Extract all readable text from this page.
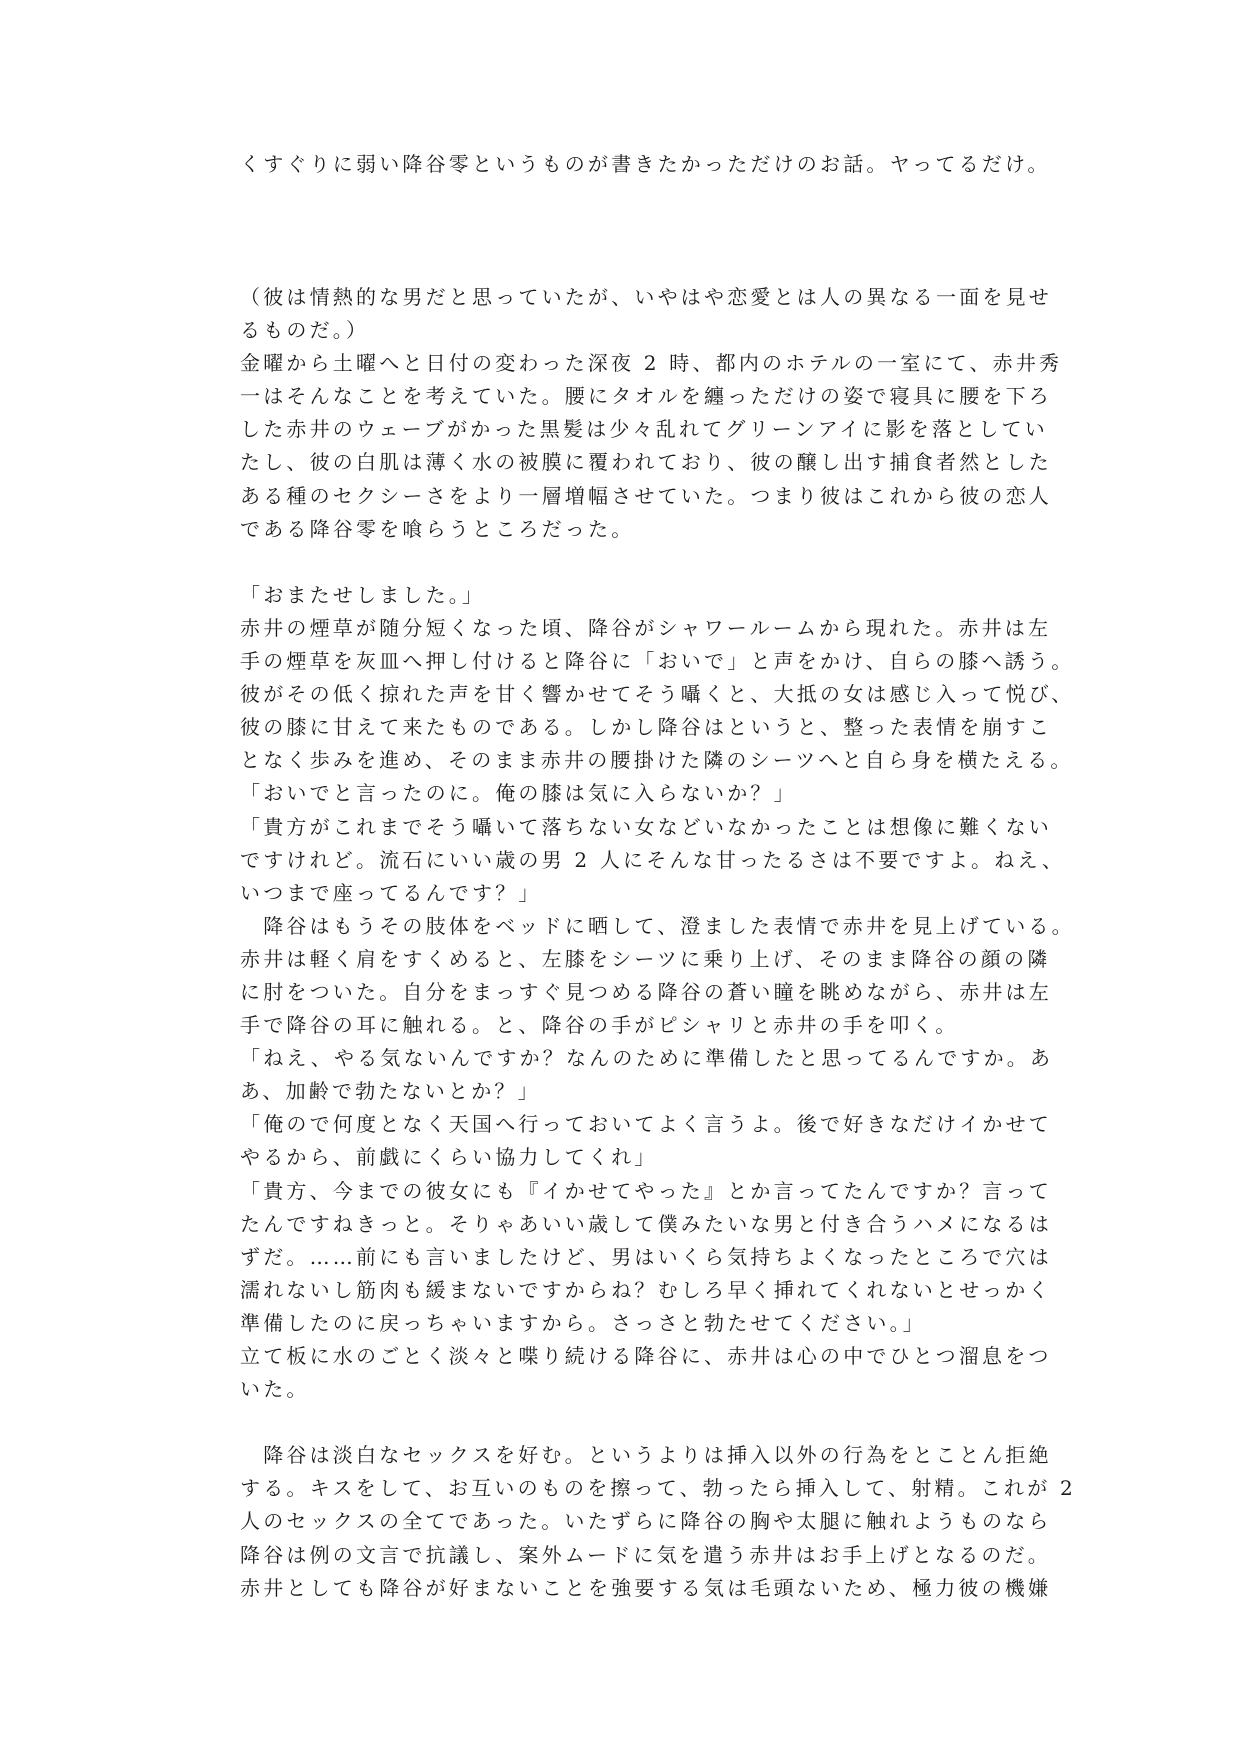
くすぐりに弱い降谷零というものが書きたかっただけのお話。ヤってるだけ。
（彼は情熱的な男だと思っていたが、いやはや恋愛とは人の異なる一面を見せ
るものだ。）
金曜から土曜へと日付の変わった深夜 2 時、都内のホテルの一室にて、赤井秀
一はそんなことを考えていた。腰にタオルを纏っただけの姿で寝具に腰を下ろ
した赤井のウェーブがかった黒髪は少々乱れてグリーンアイに影を落としてい
たし、彼の白肌は薄く水の被膜に覆われており、彼の醸し出す捕食者然とした
ある種のセクシーさをより一層増幅させていた。つまり彼はこれから彼の恋人
である降谷零を喰らうところだった。
「おまたせしました。」
赤井の煙草が随分短くなった頃、降谷がシャワールームから現れた。赤井は左
手の煙草を灰皿へ押し付けると降谷に「おいで」と声をかけ、自らの膝へ誘う。
彼がその低く掠れた声を甘く響かせてそう囁くと、大抵の女は感じ入って悦び、
彼の膝に甘えて来たものである。しかし降谷はというと、整った表情を崩すこ
となく歩みを進め、そのまま赤井の腰掛けた隣のシーツへと自ら身を横たえる。
「おいでと言ったのに。俺の膝は気に入らないか？」
「貴方がこれまでそう囁いて落ちない女などいなかったことは想像に難くない
ですけれど。流石にいい歳の男 2 人にそんな甘ったるさは不要ですよ。ねえ、
いつまで座ってるんです？」
　降谷はもうその肢体をベッドに晒して、澄ました表情で赤井を見上げている。
赤井は軽く肩をすくめると、左膝をシーツに乗り上げ、そのまま降谷の顔の隣
に肘をついた。自分をまっすぐ見つめる降谷の蒼い瞳を眺めながら、赤井は左
手で降谷の耳に触れる。と、降谷の手がピシャリと赤井の手を叩く。
「ねえ、やる気ないんですか？なんのために準備したと思ってるんですか。あ
あ、加齢で勃たないとか？」
「俺ので何度となく天国へ行っておいてよく言うよ。後で好きなだけイかせて
やるから、前戯にくらい協力してくれ」
「貴方、今までの彼女にも『イかせてやった』とか言ってたんですか？言って
たんですねきっと。そりゃあいい歳して僕みたいな男と付き合うハメになるは
ずだ。……前にも言いましたけど、男はいくら気持ちよくなったところで穴は
濡れないし筋肉も緩まないですからね？むしろ早く挿れてくれないとせっかく
準備したのに戻っちゃいますから。さっさと勃たせてください。」
立て板に水のごとく淡々と喋り続ける降谷に、赤井は心の中でひとつ溜息をつ
いた。
　降谷は淡白なセックスを好む。というよりは挿入以外の行為をとことん拒絶
する。キスをして、お互いのものを擦って、勃ったら挿入して、射精。これが 2
人のセックスの全てであった。いたずらに降谷の胸や太腿に触れようものなら
降谷は例の文言で抗議し、案外ムードに気を遣う赤井はお手上げとなるのだ。
赤井としても降谷が好まないことを強要する気は毛頭ないため、極力彼の機嫌
